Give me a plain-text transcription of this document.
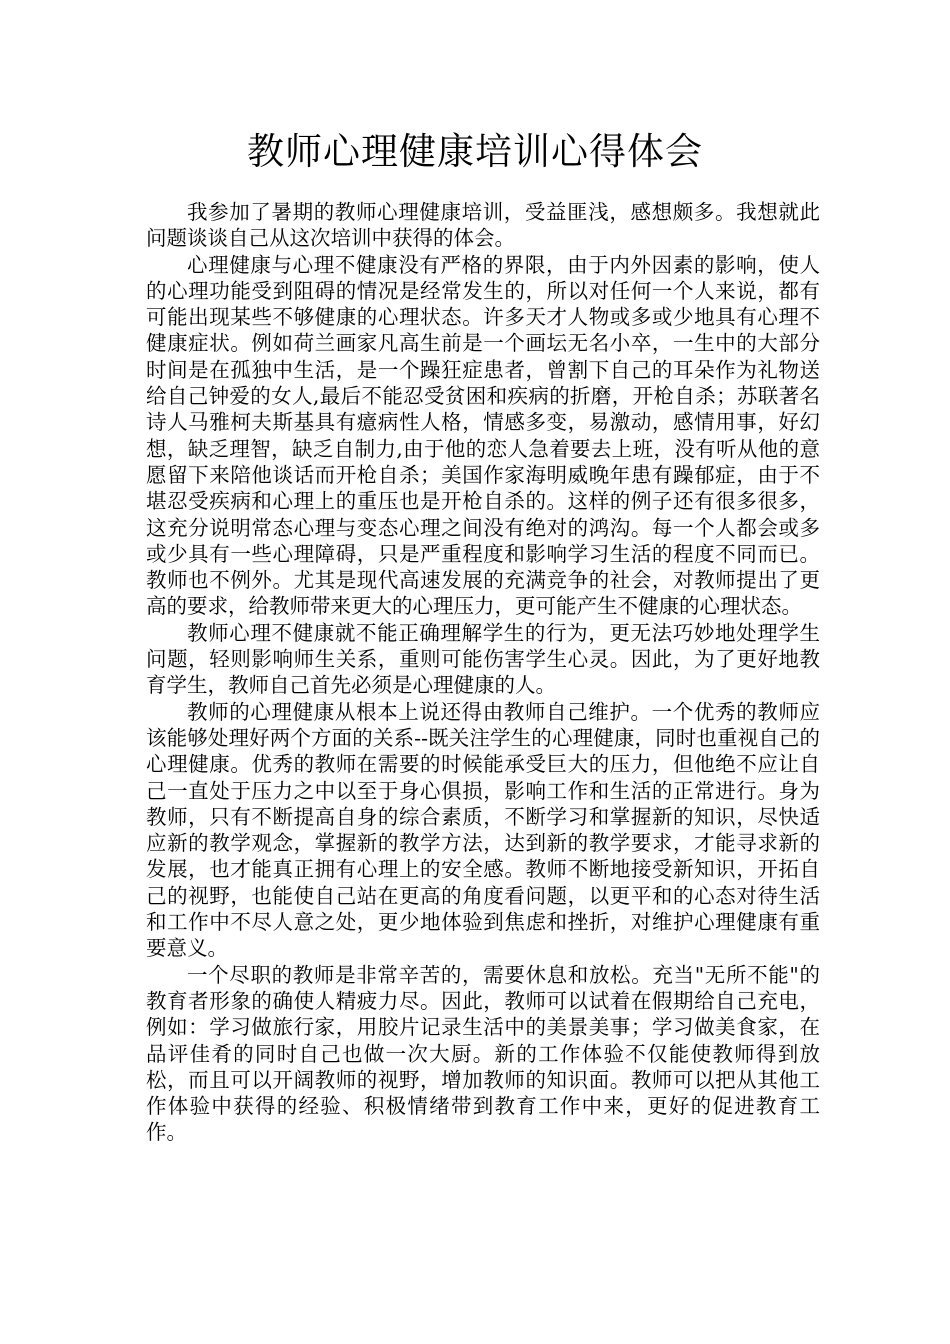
教师心理健康培训心得体会

我参加了暑期的教师心理健康培训，受益匪浅，感想颇多。我想就此问题谈谈自己从这次培训中获得的体会。

心理健康与心理不健康没有严格的界限，由于内外因素的影响，使人的心理功能受到阻碍的情况是经常发生的，所以对任何一个人来说，都有可能出现某些不够健康的心理状态。许多天才人物或多或少地具有心理不健康症状。例如荷兰画家凡高生前是一个画坛无名小卒，一生中的大部分时间是在孤独中生活，是一个躁狂症患者，曾割下自己的耳朵作为礼物送给自己钟爱的女人,最后不能忍受贫困和疾病的折磨，开枪自杀；苏联著名诗人马雅柯夫斯基具有癔病性人格，情感多变，易激动，感情用事，好幻想，缺乏理智，缺乏自制力,由于他的恋人急着要去上班，没有听从他的意愿留下来陪他谈话而开枪自杀；美国作家海明威晚年患有躁郁症，由于不堪忍受疾病和心理上的重压也是开枪自杀的。这样的例子还有很多很多，这充分说明常态心理与变态心理之间没有绝对的鸿沟。每一个人都会或多或少具有一些心理障碍，只是严重程度和影响学习生活的程度不同而已。教师也不例外。尤其是现代高速发展的充满竞争的社会，对教师提出了更高的要求，给教师带来更大的心理压力，更可能产生不健康的心理状态。

教师心理不健康就不能正确理解学生的行为，更无法巧妙地处理学生问题，轻则影响师生关系，重则可能伤害学生心灵。因此，为了更好地教育学生，教师自己首先必须是心理健康的人。

教师的心理健康从根本上说还得由教师自己维护。一个优秀的教师应该能够处理好两个方面的关系--既关注学生的心理健康，同时也重视自己的心理健康。优秀的教师在需要的时候能承受巨大的压力，但他绝不应让自己一直处于压力之中以至于身心俱损，影响工作和生活的正常进行。身为教师，只有不断提高自身的综合素质，不断学习和掌握新的知识，尽快适应新的教学观念，掌握新的教学方法，达到新的教学要求，才能寻求新的发展，也才能真正拥有心理上的安全感。教师不断地接受新知识，开拓自己的视野，也能使自己站在更高的角度看问题，以更平和的心态对待生活和工作中不尽人意之处，更少地体验到焦虑和挫折，对维护心理健康有重要意义。

一个尽职的教师是非常辛苦的，需要休息和放松。充当"无所不能"的教育者形象的确使人精疲力尽。因此，教师可以试着在假期给自己充电，例如：学习做旅行家，用胶片记录生活中的美景美事；学习做美食家，在品评佳肴的同时自己也做一次大厨。新的工作体验不仅能使教师得到放松，而且可以开阔教师的视野，增加教师的知识面。教师可以把从其他工作体验中获得的经验、积极情绪带到教育工作中来，更好的促进教育工作。
